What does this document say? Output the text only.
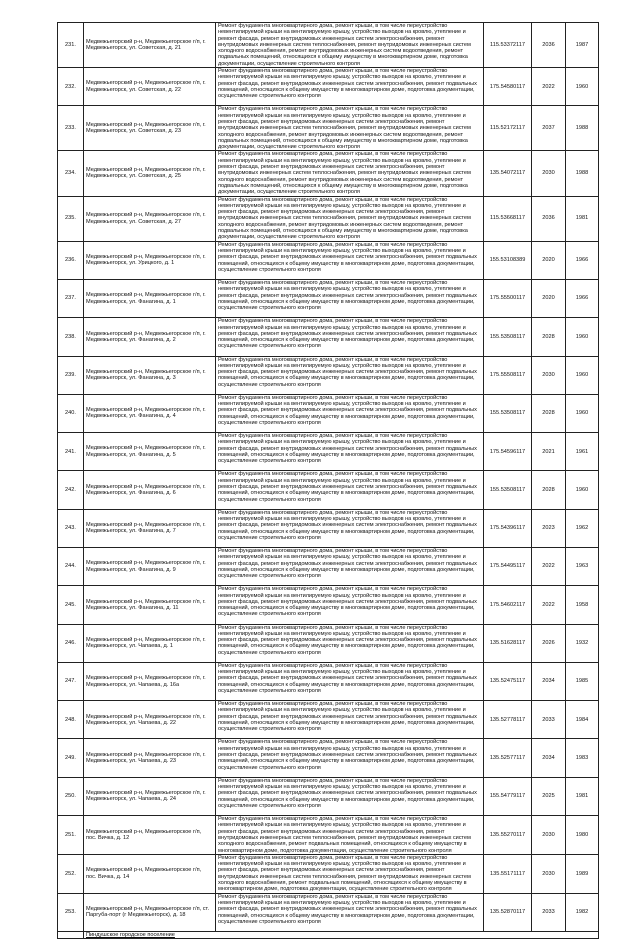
231.	Медвежьегорский р-н, Медвежьегорское г/п, г. Медвежьегорск, ул. Советская, д. 21	Ремонт фундамента многоквартирного дома, ремонт крыши, в том числе переустройство невентилируемой крыши на вентилируемую крышу, устройство выходов на кровлю, утепление и ремонт фасада, ремонт внутридомовых инженерных систем электроснабжения, ремонт внутридомовых инженерных систем теплоснабжения, ремонт внутридомовых инженерных систем холодного водоснабжения, ремонт внутридомовых инженерных систем водоотведения, ремонт подвальных помещений, относящихся к общему имуществу в многоквартирном доме, подготовка документации, осуществление строительного контроля	115.53372117	2036	1987
232.	Медвежьегорский р-н, Медвежьегорское г/п, г. Медвежьегорск, ул. Советская, д. 22	Ремонт фундамента многоквартирного дома, ремонт крыши, в том числе переустройство невентилируемой крыши на вентилируемую крышу, устройство выходов на кровлю, утепление и ремонт фасада, ремонт внутридомовых инженерных систем электроснабжения, ремонт подвальных помещений, относящихся к общему имуществу в многоквартирном доме, подготовка документации, осуществление строительного контроля	175.54580117	2022	1960
233.	Медвежьегорский р-н, Медвежьегорское г/п, г. Медвежьегорск, ул. Советская, д. 23	Ремонт фундамента многоквартирного дома, ремонт крыши, в том числе переустройство невентилируемой крыши на вентилируемую крышу, устройство выходов на кровлю, утепление и ремонт фасада, ремонт внутридомовых инженерных систем электроснабжения, ремонт внутридомовых инженерных систем теплоснабжения, ремонт внутридомовых инженерных систем холодного водоснабжения, ремонт внутридомовых инженерных систем водоотведения, ремонт подвальных помещений, относящихся к общему имуществу в многоквартирном доме, подготовка документации, осуществление строительного контроля	115.52172117	2037	1988
234.	Медвежьегорский р-н, Медвежьегорское г/п, г. Медвежьегорск, ул. Советская, д. 25	Ремонт фундамента многоквартирного дома, ремонт крыши, в том числе переустройство невентилируемой крыши на вентилируемую крышу, устройство выходов на кровлю, утепление и ремонт фасада, ремонт внутридомовых инженерных систем электроснабжения, ремонт внутридомовых инженерных систем теплоснабжения, ремонт внутридомовых инженерных систем холодного водоснабжения, ремонт внутридомовых инженерных систем водоотведения, ремонт подвальных помещений, относящихся к общему имуществу в многоквартирном доме, подготовка документации, осуществление строительного контроля	135.54072117	2030	1988
235.	Медвежьегорский р-н, Медвежьегорское г/п, г. Медвежьегорск, ул. Советская, д. 27	Ремонт фундамента многоквартирного дома, ремонт крыши, в том числе переустройство невентилируемой крыши на вентилируемую крышу, устройство выходов на кровлю, утепление и ремонт фасада, ремонт внутридомовых инженерных систем электроснабжения, ремонт внутридомовых инженерных систем теплоснабжения, ремонт внутридомовых инженерных систем холодного водоснабжения, ремонт внутридомовых инженерных систем водоотведения, ремонт подвальных помещений, относящихся к общему имуществу в многоквартирном доме, подготовка документации, осуществление строительного контроля	115.53668117	2036	1981
236.	Медвежьегорский р-н, Медвежьегорское г/п, г. Медвежьегорск, ул. Урицкого, д. 1	Ремонт фундамента многоквартирного дома, ремонт крыши, в том числе переустройство невентилируемой крыши на вентилируемую крышу, устройство выходов на кровлю, утепление и ремонт фасада, ремонт внутридомовых инженерных систем электроснабжения, ремонт подвальных помещений, относящихся к общему имуществу в многоквартирном доме, подготовка документации, осуществление строительного контроля	155.53108389	2020	1966
237.	Медвежьегорский р-н, Медвежьегорское г/п, г. Медвежьегорск, ул. Фанагина, д. 1	Ремонт фундамента многоквартирного дома, ремонт крыши, в том числе переустройство невентилируемой крыши на вентилируемую крышу, устройство выходов на кровлю, утепление и ремонт фасада, ремонт внутридомовых инженерных систем электроснабжения, ремонт подвальных помещений, относящихся к общему имуществу в многоквартирном доме, подготовка документации, осуществление строительного контроля	175.55500117	2020	1966
238.	Медвежьегорский р-н, Медвежьегорское г/п, г. Медвежьегорск, ул. Фанагина, д. 2	Ремонт фундамента многоквартирного дома, ремонт крыши, в том числе переустройство невентилируемой крыши на вентилируемую крышу, устройство выходов на кровлю, утепление и ремонт фасада, ремонт внутридомовых инженерных систем электроснабжения, ремонт подвальных помещений, относящихся к общему имуществу в многоквартирном доме, подготовка документации, осуществление строительного контроля	155.53508117	2028	1960
239.	Медвежьегорский р-н, Медвежьегорское г/п, г. Медвежьегорск, ул. Фанагина, д. 3	Ремонт фундамента многоквартирного дома, ремонт крыши, в том числе переустройство невентилируемой крыши на вентилируемую крышу, устройство выходов на кровлю, утепление и ремонт фасада, ремонт внутридомовых инженерных систем электроснабжения, ремонт подвальных помещений, относящихся к общему имуществу в многоквартирном доме, подготовка документации, осуществление строительного контроля	175.55508117	2030	1960
240.	Медвежьегорский р-н, Медвежьегорское г/п, г. Медвежьегорск, ул. Фанагина, д. 4	Ремонт фундамента многоквартирного дома, ремонт крыши, в том числе переустройство невентилируемой крыши на вентилируемую крышу, устройство выходов на кровлю, утепление и ремонт фасада, ремонт внутридомовых инженерных систем электроснабжения, ремонт подвальных помещений, относящихся к общему имуществу в многоквартирном доме, подготовка документации, осуществление строительного контроля	155.53508117	2028	1960
241.	Медвежьегорский р-н, Медвежьегорское г/п, г. Медвежьегорск, ул. Фанагина, д. 5	Ремонт фундамента многоквартирного дома, ремонт крыши, в том числе переустройство невентилируемой крыши на вентилируемую крышу, устройство выходов на кровлю, утепление и ремонт фасада, ремонт внутридомовых инженерных систем электроснабжения, ремонт подвальных помещений, относящихся к общему имуществу в многоквартирном доме, подготовка документации, осуществление строительного контроля	175.54596117	2021	1961
242.	Медвежьегорский р-н, Медвежьегорское г/п, г. Медвежьегорск, ул. Фанагина, д. 6	Ремонт фундамента многоквартирного дома, ремонт крыши, в том числе переустройство невентилируемой крыши на вентилируемую крышу, устройство выходов на кровлю, утепление и ремонт фасада, ремонт внутридомовых инженерных систем электроснабжения, ремонт подвальных помещений, относящихся к общему имуществу в многоквартирном доме, подготовка документации, осуществление строительного контроля	155.53508117	2028	1960
243.	Медвежьегорский р-н, Медвежьегорское г/п, г. Медвежьегорск, ул. Фанагина, д. 7	Ремонт фундамента многоквартирного дома, ремонт крыши, в том числе переустройство невентилируемой крыши на вентилируемую крышу, устройство выходов на кровлю, утепление и ремонт фасада, ремонт внутридомовых инженерных систем электроснабжения, ремонт подвальных помещений, относящихся к общему имуществу в многоквартирном доме, подготовка документации, осуществление строительного контроля	175.54396117	2023	1962
244.	Медвежьегорский р-н, Медвежьегорское г/п, г. Медвежьегорск, ул. Фанагина, д. 9	Ремонт фундамента многоквартирного дома, ремонт крыши, в том числе переустройство невентилируемой крыши на вентилируемую крышу, устройство выходов на кровлю, утепление и ремонт фасада, ремонт внутридомовых инженерных систем электроснабжения, ремонт подвальных помещений, относящихся к общему имуществу в многоквартирном доме, подготовка документации, осуществление строительного контроля	175.54495117	2022	1963
245.	Медвежьегорский р-н, Медвежьегорское г/п, г. Медвежьегорск, ул. Фанагина, д. 11	Ремонт фундамента многоквартирного дома, ремонт крыши, в том числе переустройство невентилируемой крыши на вентилируемую крышу, устройство выходов на кровлю, утепление и ремонт фасада, ремонт внутридомовых инженерных систем электроснабжения, ремонт подвальных помещений, относящихся к общему имуществу в многоквартирном доме, подготовка документации, осуществление строительного контроля	175.54602117	2022	1958
246.	Медвежьегорский р-н, Медвежьегорское г/п, г. Медвежьегорск, ул. Чапаева, д. 1	Ремонт фундамента многоквартирного дома, ремонт крыши, в том числе переустройство невентилируемой крыши на вентилируемую крышу, устройство выходов на кровлю, утепление и ремонт фасада, ремонт внутридомовых инженерных систем электроснабжения, ремонт подвальных помещений, относящихся к общему имуществу в многоквартирном доме, подготовка документации, осуществление строительного контроля	135.51628117	2026	1932
247.	Медвежьегорский р-н, Медвежьегорское г/п, г. Медвежьегорск, ул. Чапаева, д. 16а	Ремонт фундамента многоквартирного дома, ремонт крыши, в том числе переустройство невентилируемой крыши на вентилируемую крышу, устройство выходов на кровлю, утепление и ремонт фасада, ремонт внутридомовых инженерных систем электроснабжения, ремонт подвальных помещений, относящихся к общему имуществу в многоквартирном доме, подготовка документации, осуществление строительного контроля	135.52475117	2034	1985
248.	Медвежьегорский р-н, Медвежьегорское г/п, г. Медвежьегорск, ул. Чапаева, д. 22	Ремонт фундамента многоквартирного дома, ремонт крыши, в том числе переустройство невентилируемой крыши на вентилируемую крышу, устройство выходов на кровлю, утепление и ремонт фасада, ремонт внутридомовых инженерных систем электроснабжения, ремонт подвальных помещений, относящихся к общему имуществу в многоквартирном доме, подготовка документации, осуществление строительного контроля	135.52778117	2033	1984
249.	Медвежьегорский р-н, Медвежьегорское г/п, г. Медвежьегорск, ул. Чапаева, д. 23	Ремонт фундамента многоквартирного дома, ремонт крыши, в том числе переустройство невентилируемой крыши на вентилируемую крышу, устройство выходов на кровлю, утепление и ремонт фасада, ремонт внутридомовых инженерных систем электроснабжения, ремонт подвальных помещений, относящихся к общему имуществу в многоквартирном доме, подготовка документации, осуществление строительного контроля	135.52577117	2034	1983
250.	Медвежьегорский р-н, Медвежьегорское г/п, г. Медвежьегорск, ул. Чапаева, д. 24	Ремонт фундамента многоквартирного дома, ремонт крыши, в том числе переустройство невентилируемой крыши на вентилируемую крышу, устройство выходов на кровлю, утепление и ремонт фасада, ремонт внутридомовых инженерных систем электроснабжения, ремонт подвальных помещений, относящихся к общему имуществу в многоквартирном доме, подготовка документации, осуществление строительного контроля	155.54779117	2025	1981
251.	Медвежьегорский р-н, Медвежьегорское г/п, пос. Вичка, д. 12	Ремонт фундамента многоквартирного дома, ремонт крыши, в том числе переустройство невентилируемой крыши на вентилируемую крышу, устройство выходов на кровлю, утепление и ремонт фасада, ремонт внутридомовых инженерных систем электроснабжения, ремонт внутридомовых инженерных систем теплоснабжения, ремонт внутридомовых инженерных систем холодного водоснабжения, ремонт подвальных помещений, относящихся к общему имуществу в многоквартирном доме, подготовка документации, осуществление строительного контроля	135.55270117	2030	1980
252.	Медвежьегорский р-н, Медвежьегорское г/п, пос. Вичка, д. 14	Ремонт фундамента многоквартирного дома, ремонт крыши, в том числе переустройство невентилируемой крыши на вентилируемую крышу, устройство выходов на кровлю, утепление и ремонт фасада, ремонт внутридомовых инженерных систем электроснабжения, ремонт внутридомовых инженерных систем теплоснабжения, ремонт внутридомовых инженерных систем холодного водоснабжения, ремонт подвальных помещений, относящихся к общему имуществу в многоквартирном доме, подготовка документации, осуществление строительного контроля	135.55171117	2030	1989
253.	Медвежьегорский р-н, Медвежьегорское г/п, ст. Паргуба-порт (г Медвежьегорск), д. 18	Ремонт фундамента многоквартирного дома, ремонт крыши, в том числе переустройство невентилируемой крыши на вентилируемую крышу, устройство выходов на кровлю, утепление и ремонт фасада, ремонт внутридомовых инженерных систем электроснабжения, ремонт подвальных помещений, относящихся к общему имуществу в многоквартирном доме, подготовка документации, осуществление строительного контроля	135.52870117	2033	1982
	Пиндушское городское поселение				
